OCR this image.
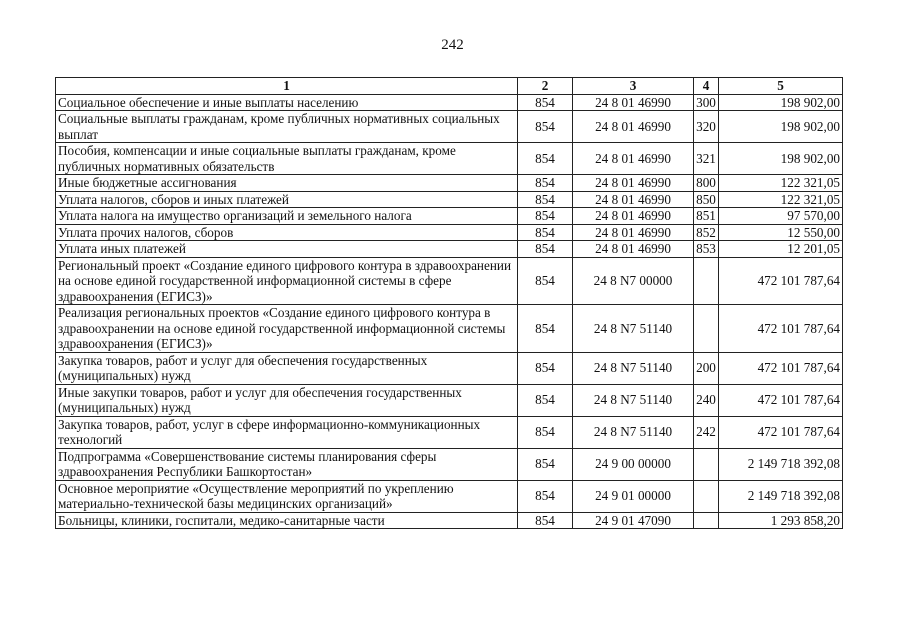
242
1	2	3	4	5
Социальное обеспечение и иные выплаты населению	854	24 8 01 46990	300	198 902,00
Социальные выплаты гражданам, кроме публичных нормативных социальных выплат	854	24 8 01 46990	320	198 902,00
Пособия, компенсации и иные социальные выплаты гражданам, кроме публичных нормативных обязательств	854	24 8 01 46990	321	198 902,00
Иные бюджетные ассигнования	854	24 8 01 46990	800	122 321,05
Уплата налогов, сборов и иных платежей	854	24 8 01 46990	850	122 321,05
Уплата налога на имущество организаций и земельного налога	854	24 8 01 46990	851	97 570,00
Уплата прочих налогов, сборов	854	24 8 01 46990	852	12 550,00
Уплата иных платежей	854	24 8 01 46990	853	12 201,05
Региональный проект «Создание единого цифрового контура в здравоохранении на основе единой государственной информационной системы в сфере здравоохранения (ЕГИСЗ)»	854	24 8 N7 00000		472 101 787,64
Реализация региональных проектов «Создание единого цифрового контура в здравоохранении на основе единой государственной информационной системы здравоохранения (ЕГИСЗ)»	854	24 8 N7 51140		472 101 787,64
Закупка товаров, работ и услуг для обеспечения государственных (муниципальных) нужд	854	24 8 N7 51140	200	472 101 787,64
Иные закупки товаров, работ и услуг для обеспечения государственных (муниципальных) нужд	854	24 8 N7 51140	240	472 101 787,64
Закупка товаров, работ, услуг в сфере информационно-коммуникационных технологий	854	24 8 N7 51140	242	472 101 787,64
Подпрограмма «Совершенствование системы планирования сферы здравоохранения Республики Башкортостан»	854	24 9 00 00000		2 149 718 392,08
Основное мероприятие «Осуществление мероприятий по укреплению материально-технической базы медицинских организаций»	854	24 9 01 00000		2 149 718 392,08
Больницы, клиники, госпитали, медико-санитарные части	854	24 9 01 47090		1 293 858,20
